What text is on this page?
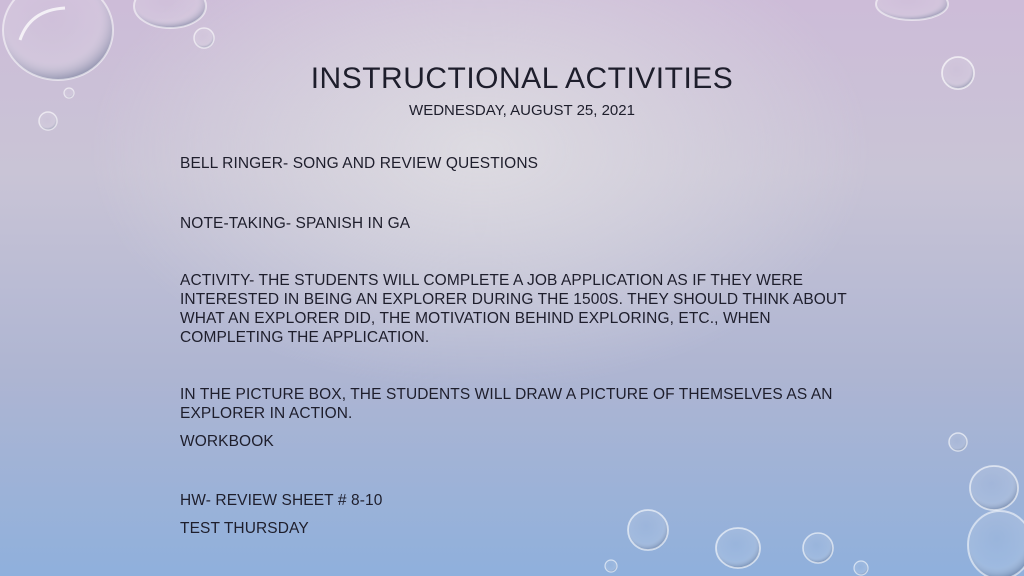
INSTRUCTIONAL ACTIVITIES

WEDNESDAY, AUGUST 25, 2021

BELL RINGER- SONG AND REVIEW QUESTIONS

NOTE-TAKING- SPANISH IN GA

ACTIVITY- THE STUDENTS WILL COMPLETE A JOB APPLICATION AS IF THEY WERE INTERESTED IN BEING AN EXPLORER DURING THE 1500S. THEY SHOULD THINK ABOUT WHAT AN EXPLORER DID, THE MOTIVATION BEHIND EXPLORING, ETC., WHEN COMPLETING THE APPLICATION.

IN THE PICTURE BOX, THE STUDENTS WILL DRAW A PICTURE OF THEMSELVES AS AN EXPLORER IN ACTION.

WORKBOOK

HW- REVIEW SHEET # 8-10

TEST THURSDAY
